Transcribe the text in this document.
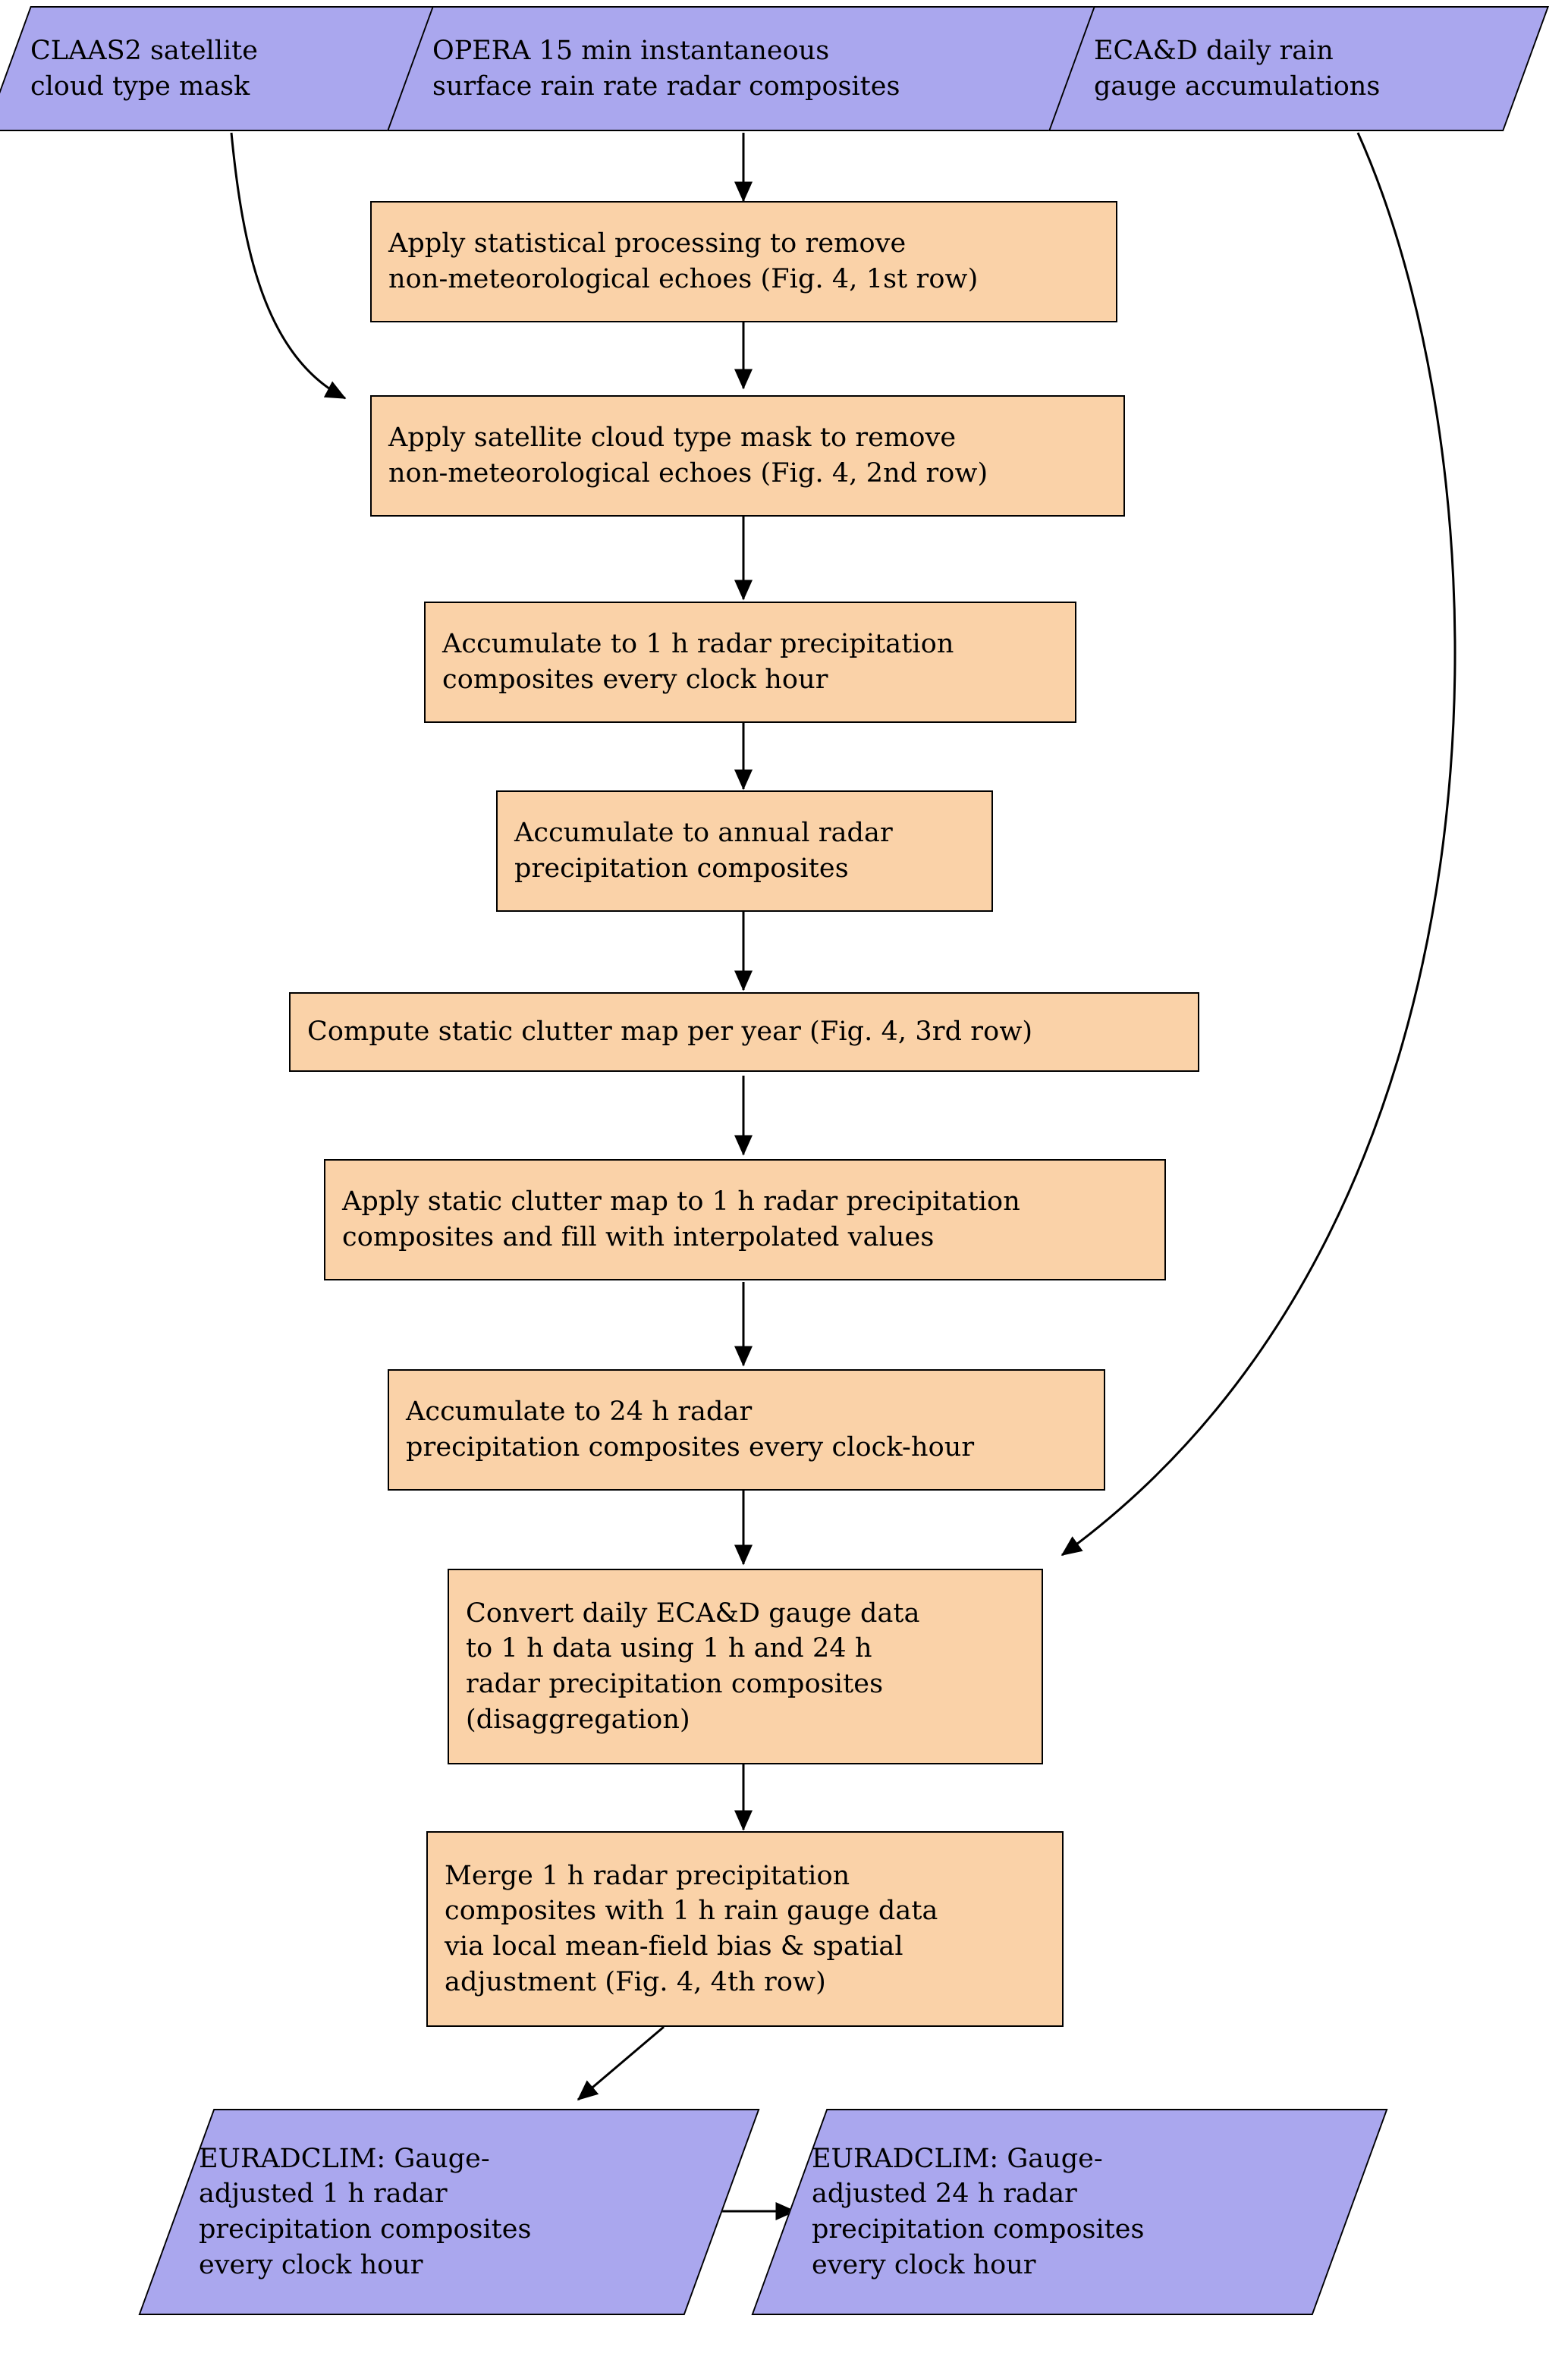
CLAAS2 satellite
cloud type mask
OPERA 15 min instantaneous
surface rain rate radar composites
ECA&D daily rain
gauge accumulations
Apply statistical processing to remove
non-meteorological echoes (Fig. 4, 1st row)
Apply satellite cloud type mask to remove
non-meteorological echoes (Fig. 4, 2nd row)
Accumulate to 1 h radar precipitation
composites every clock hour
Accumulate to annual radar
precipitation composites
Compute static clutter map per year (Fig. 4, 3rd row)
Apply static clutter map to 1 h radar precipitation
composites and fill with interpolated values
Accumulate to 24 h radar
precipitation composites every clock-hour
Convert daily ECA&D gauge data
to 1 h data using 1 h and 24 h
radar precipitation composites
(disaggregation)
Merge 1 h radar precipitation
composites with 1 h rain gauge data
via local mean-field bias & spatial
adjustment (Fig. 4, 4th row)
EURADCLIM: Gauge-
adjusted 1 h radar
precipitation composites
every clock hour
EURADCLIM: Gauge-
adjusted 24 h radar
precipitation composites
every clock hour
